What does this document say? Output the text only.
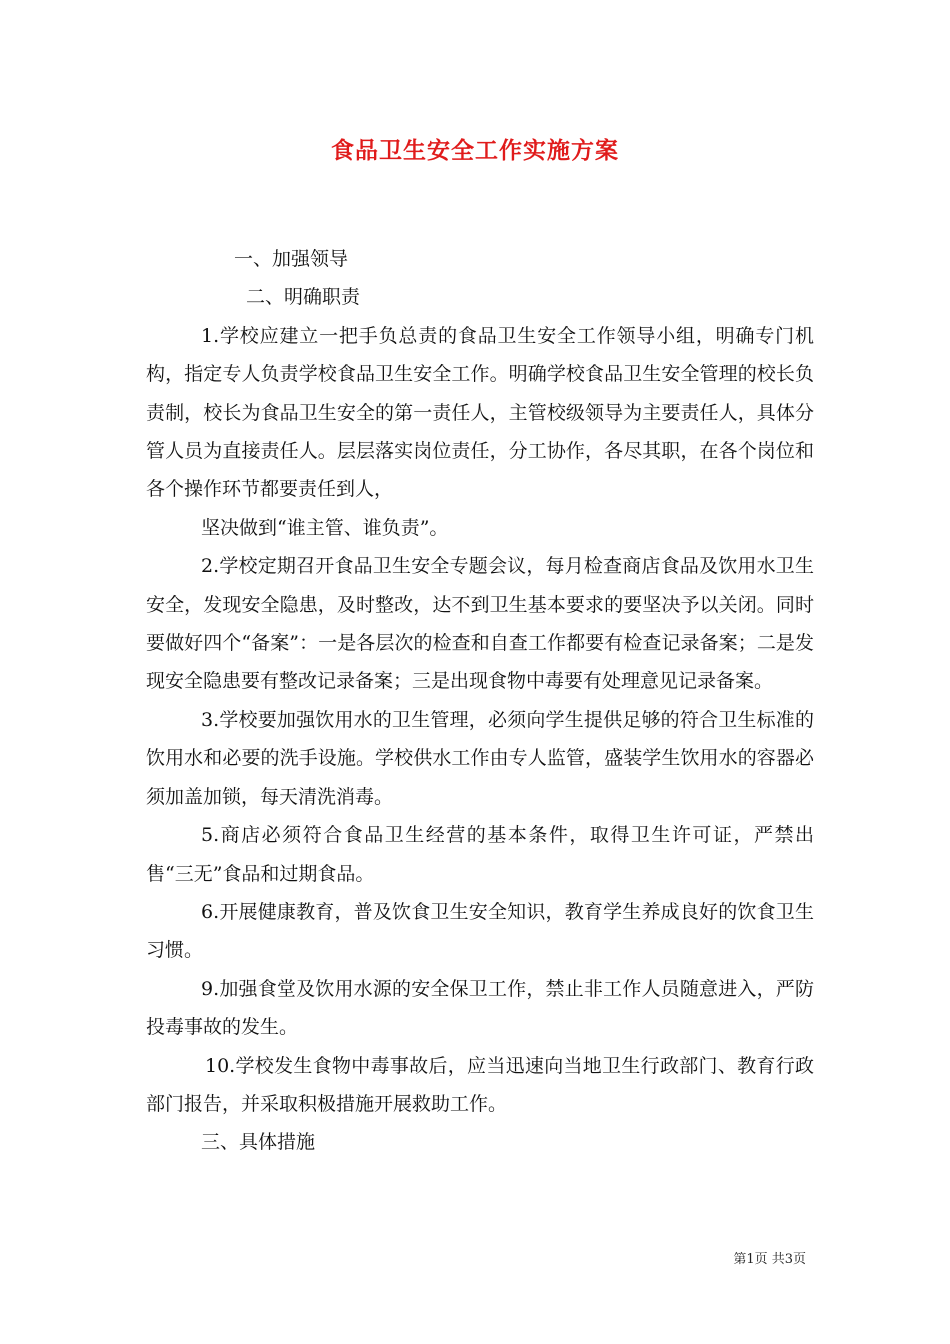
食品卫生安全工作实施方案

一、加强领导

二、明确职责

1.学校应建立一把手负总责的食品卫生安全工作领导小组，明确专门机构，指定专人负责学校食品卫生安全工作。明确学校食品卫生安全管理的校长负责制，校长为食品卫生安全的第一责任人，主管校级领导为主要责任人，具体分管人员为直接责任人。层层落实岗位责任，分工协作，各尽其职，在各个岗位和各个操作环节都要责任到人，

坚决做到“谁主管、谁负责”。

2.学校定期召开食品卫生安全专题会议，每月检查商店食品及饮用水卫生安全，发现安全隐患，及时整改，达不到卫生基本要求的要坚决予以关闭。同时要做好四个“备案”：一是各层次的检查和自查工作都要有检查记录备案；二是发现安全隐患要有整改记录备案；三是出现食物中毒要有处理意见记录备案。

3.学校要加强饮用水的卫生管理，必须向学生提供足够的符合卫生标准的饮用水和必要的洗手设施。学校供水工作由专人监管，盛装学生饮用水的容器必须加盖加锁，每天清洗消毒。

5.商店必须符合食品卫生经营的基本条件，取得卫生许可证，严禁出售“三无”食品和过期食品。

6.开展健康教育，普及饮食卫生安全知识，教育学生养成良好的饮食卫生习惯。

9.加强食堂及饮用水源的安全保卫工作，禁止非工作人员随意进入，严防投毒事故的发生。

10.学校发生食物中毒事故后，应当迅速向当地卫生行政部门、教育行政部门报告，并采取积极措施开展救助工作。

三、具体措施

第1页 共3页
